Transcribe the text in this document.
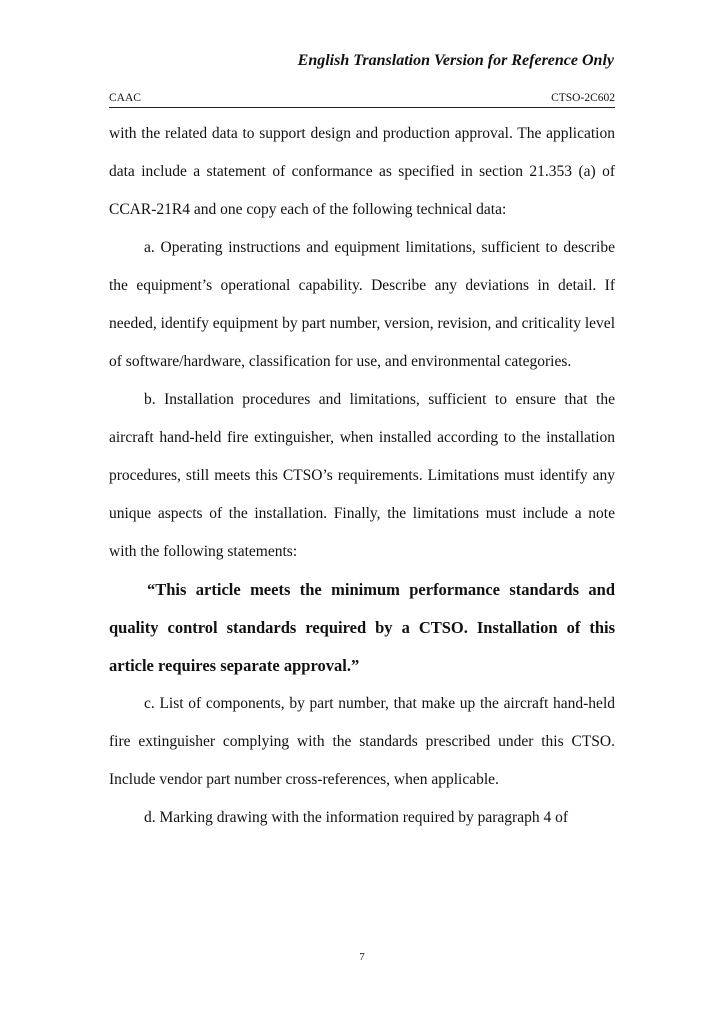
English Translation Version for Reference Only
CAAC	CTSO-2C602

with the related data to support design and production approval. The application data include a statement of conformance as specified in section 21.353 (a) of CCAR-21R4 and one copy each of the following technical data:

a. Operating instructions and equipment limitations, sufficient to describe the equipment’s operational capability. Describe any deviations in detail. If needed, identify equipment by part number, version, revision, and criticality level of software/hardware, classification for use, and environmental categories.

b. Installation procedures and limitations, sufficient to ensure that the aircraft hand-held fire extinguisher, when installed according to the installation procedures, still meets this CTSO’s requirements. Limitations must identify any unique aspects of the installation. Finally, the limitations must include a note with the following statements:

“This article meets the minimum performance standards and quality control standards required by a CTSO. Installation of this article requires separate approval.”

c. List of components, by part number, that make up the aircraft hand-held fire extinguisher complying with the standards prescribed under this CTSO. Include vendor part number cross-references, when applicable.

d. Marking drawing with the information required by paragraph 4 of

7
